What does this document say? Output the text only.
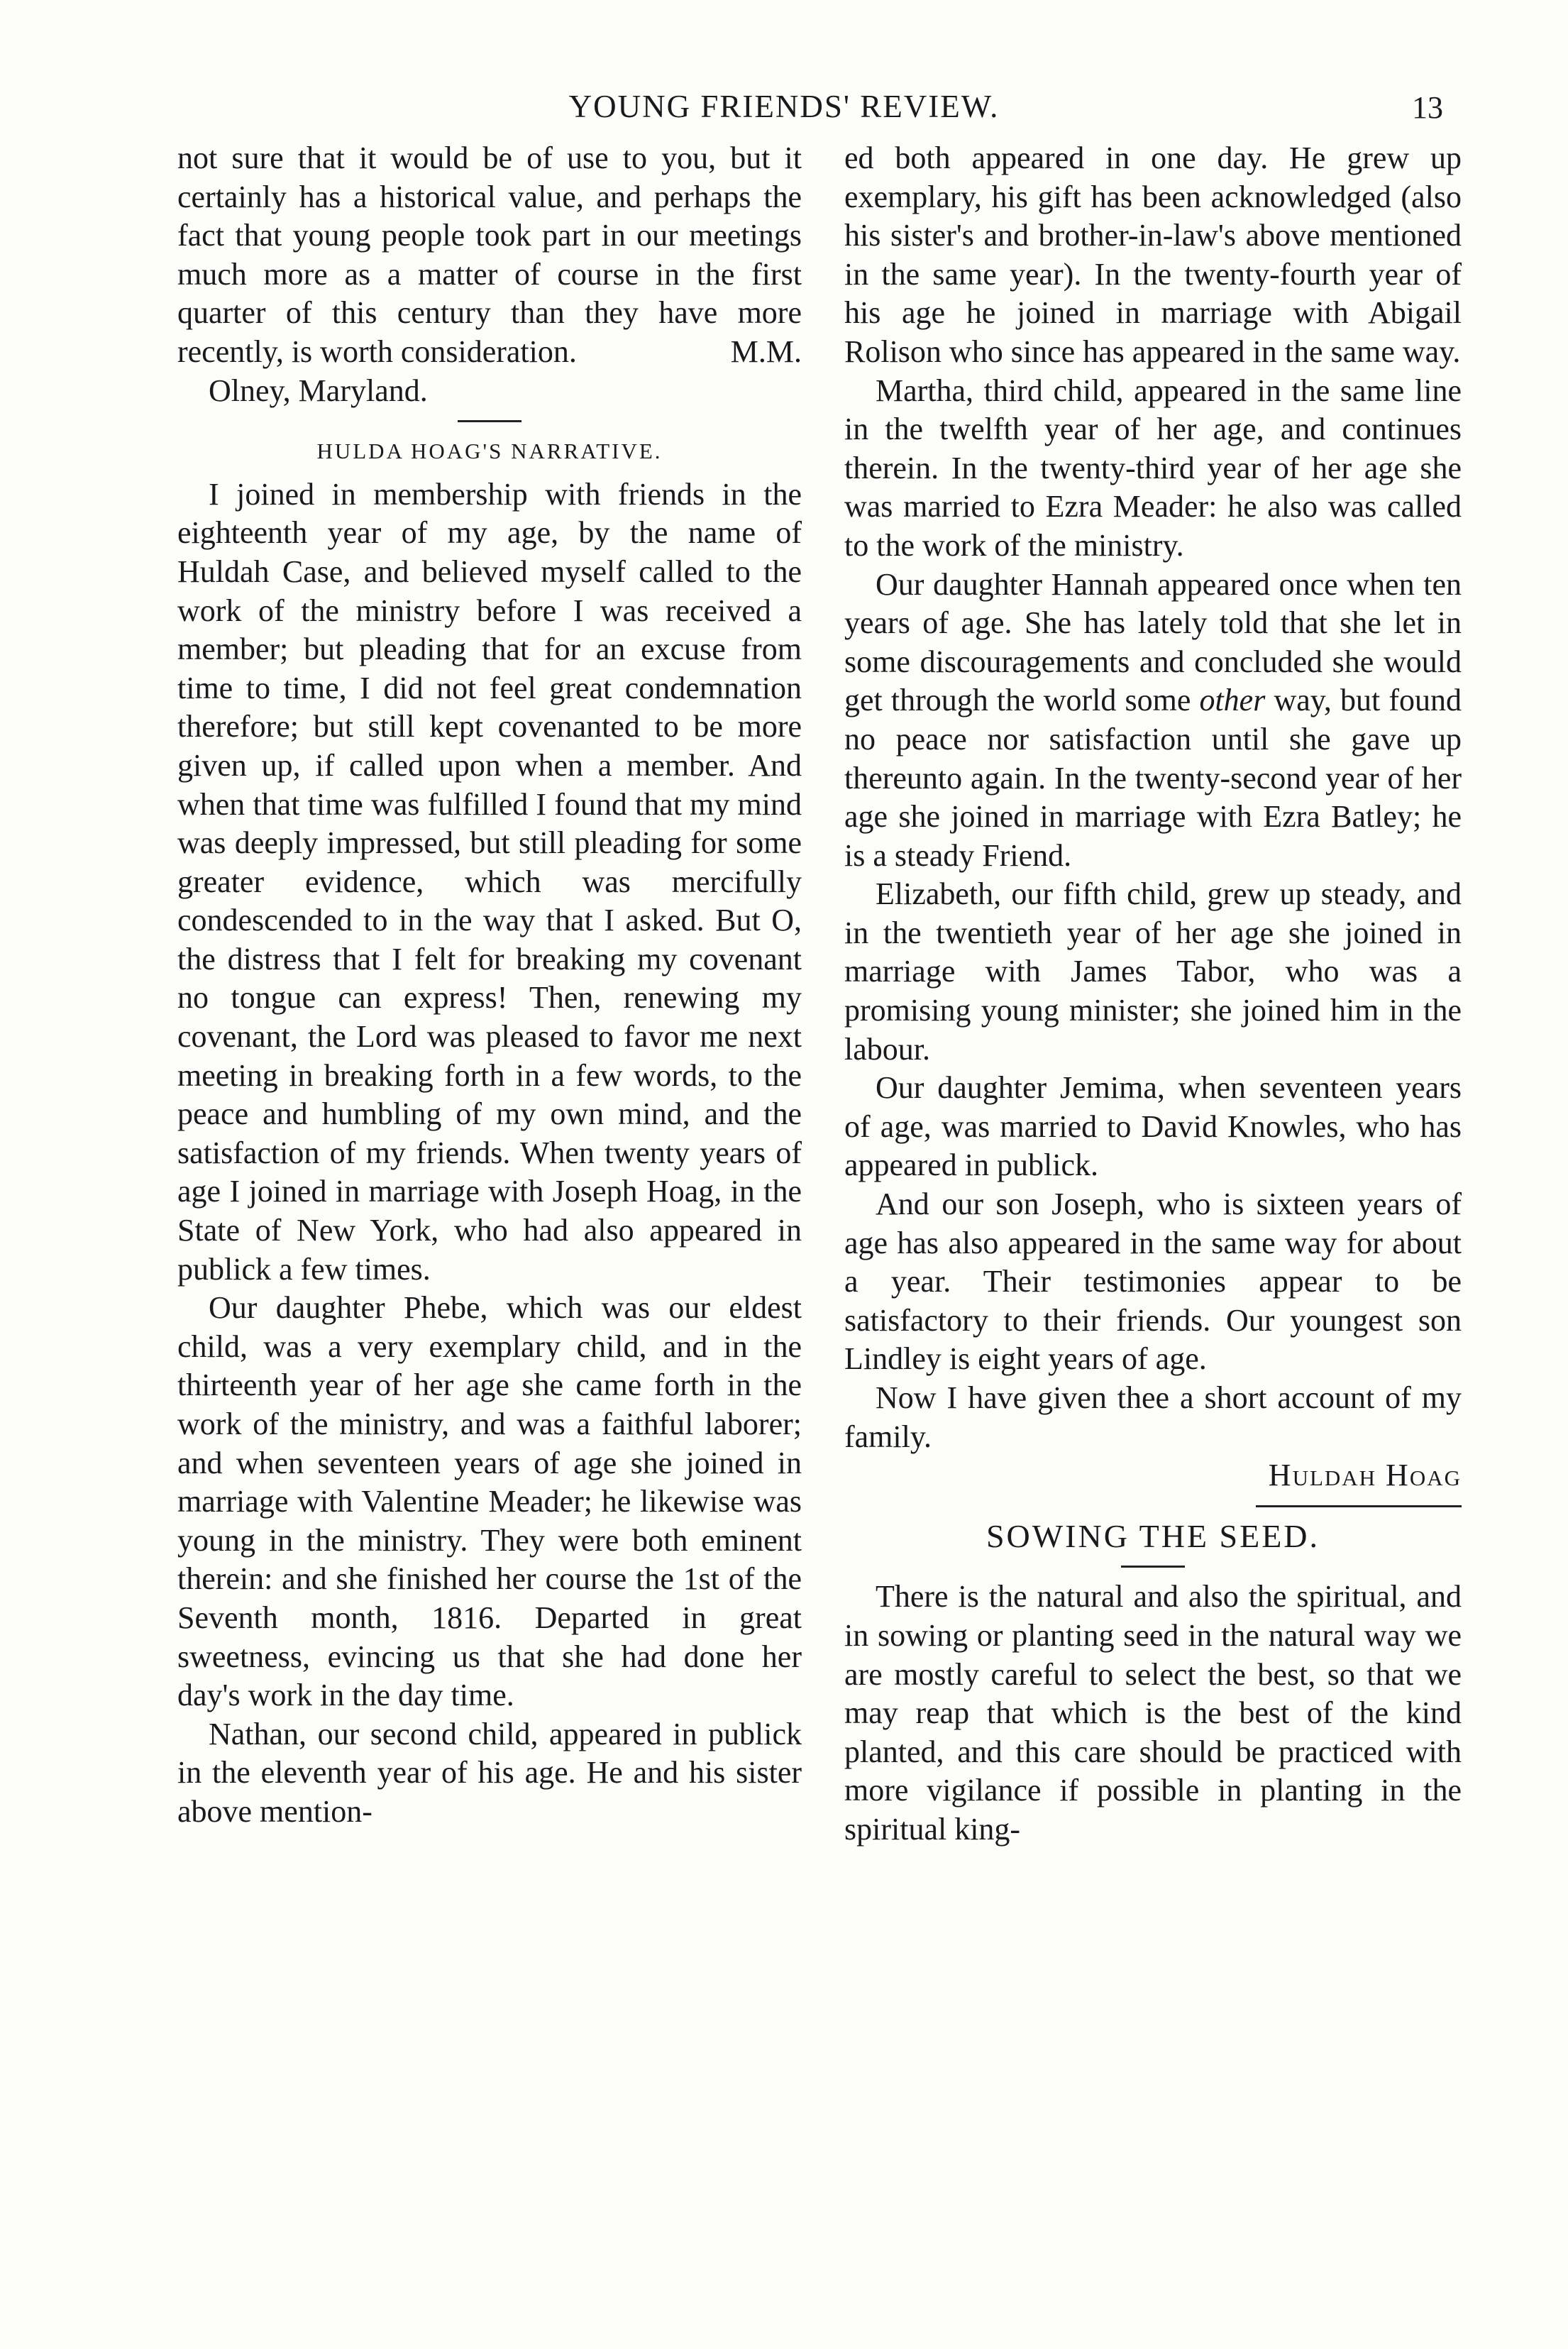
YOUNG FRIENDS' REVIEW.	13

not sure that it would be of use to you, but it certainly has a historical value, and perhaps the fact that young people took part in our meetings much more as a matter of course in the first quarter of this century than they have more recently, is worth consideration.	M.M.

Olney, Maryland.

HULDA HOAG'S NARRATIVE.

I joined in membership with friends in the eighteenth year of my age, by the name of Huldah Case, and believed myself called to the work of the ministry before I was received a member; but pleading that for an excuse from time to time, I did not feel great condemnation therefore; but still kept covenanted to be more given up, if called upon when a member. And when that time was fulfilled I found that my mind was deeply impressed, but still pleading for some greater evidence, which was mercifully condescended to in the way that I asked. But O, the distress that I felt for breaking my covenant no tongue can express! Then, renewing my covenant, the Lord was pleased to favor me next meeting in breaking forth in a few words, to the peace and humbling of my own mind, and the satisfaction of my friends. When twenty years of age I joined in marriage with Joseph Hoag, in the State of New York, who had also appeared in publick a few times.

Our daughter Phebe, which was our eldest child, was a very exemplary child, and in the thirteenth year of her age she came forth in the work of the ministry, and was a faithful laborer; and when seventeen years of age she joined in marriage with Valentine Meader; he likewise was young in the ministry. They were both eminent therein: and she finished her course the 1st of the Seventh month, 1816. Departed in great sweetness, evincing us that she had done her day's work in the day time.

Nathan, our second child, appeared in publick in the eleventh year of his age. He and his sister above mention-

ed both appeared in one day. He grew up exemplary, his gift has been acknowledged (also his sister's and brother-in-law's above mentioned in the same year). In the twenty-fourth year of his age he joined in marriage with Abigail Rolison who since has appeared in the same way.

Martha, third child, appeared in the same line in the twelfth year of her age, and continues therein. In the twenty-third year of her age she was married to Ezra Meader: he also was called to the work of the ministry.

Our daughter Hannah appeared once when ten years of age. She has lately told that she let in some discouragements and concluded she would get through the world some other way, but found no peace nor satisfaction until she gave up thereunto again. In the twenty-second year of her age she joined in marriage with Ezra Batley; he is a steady Friend.

Elizabeth, our fifth child, grew up steady, and in the twentieth year of her age she joined in marriage with James Tabor, who was a promising young minister; she joined him in the labour.

Our daughter Jemima, when seventeen years of age, was married to David Knowles, who has appeared in publick.

And our son Joseph, who is sixteen years of age has also appeared in the same way for about a year. Their testimonies appear to be satisfactory to their friends. Our youngest son Lindley is eight years of age.

Now I have given thee a short account of my family.

Huldah Hoag
SOWING THE SEED.

There is the natural and also the spiritual, and in sowing or planting seed in the natural way we are mostly careful to select the best, so that we may reap that which is the best of the kind planted, and this care should be practiced with more vigilance if possible in planting in the spiritual king-
